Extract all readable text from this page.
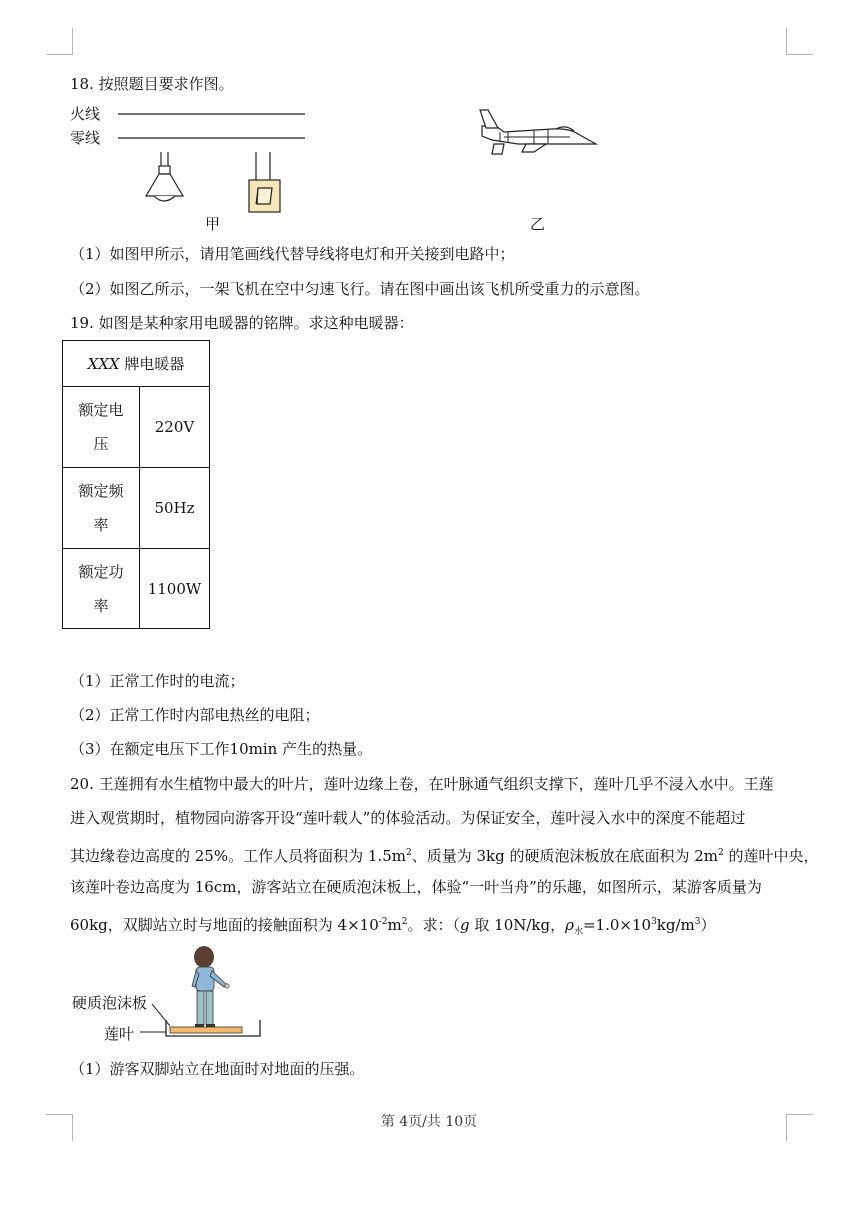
18. 按照题目要求作图。
火线
零线
甲	乙
（1）如图甲所示，请用笔画线代替导线将电灯和开关接到电路中；
（2）如图乙所示，一架飞机在空中匀速飞行。请在图中画出该飞机所受重力的示意图。
19. 如图是某种家用电暖器的铭牌。求这种电暖器：
XXX 牌电暖器	
额定电
压	220V
额定频
率	50Hz
额定功
率	1100W
（1）正常工作时的电流；
（2）正常工作时内部电热丝的电阻；
（3）在额定电压下工作10min 产生的热量。
20. 王莲拥有水生植物中最大的叶片，莲叶边缘上卷，在叶脉通气组织支撑下，莲叶几乎不浸入水中。王莲
进入观赏期时，植物园向游客开设“莲叶载人”的体验活动。为保证安全，莲叶浸入水中的深度不能超过
其边缘卷边高度的 25%。工作人员将面积为 $1.5m^2$、质量为 3kg 的硬质泡沫板放在底面积为 $2m^2$ 的莲叶中央，
该莲叶卷边高度为 16cm，游客站立在硬质泡沫板上，体验“一叶当舟”的乐趣，如图所示，某游客质量为
60kg，双脚站立时与地面的接触面积为 $4\times 10^{-2}m^2$。求：（g 取 10N/kg，$\rho_水=1.0\times 10^3kg/m^3$）
硬质泡沫板
莲叶
（1）游客双脚站立在地面时对地面的压强。
第 4页/共 10页
